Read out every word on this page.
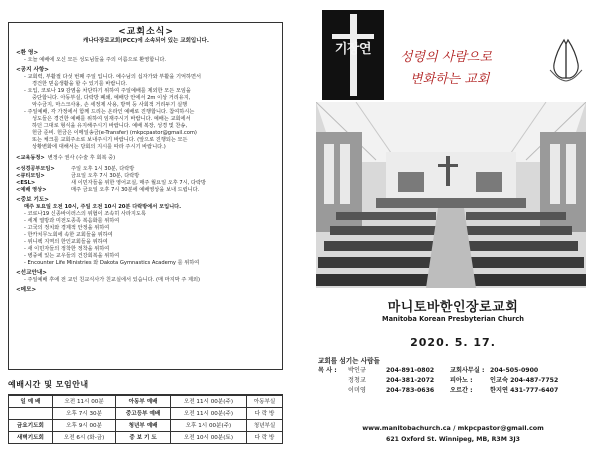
<교회소식>
캐나다장로교회(PCC)에 소속되어 있는 교회입니다.
<환 영>
- 오늘 예배에 오신 모든 성도님들을 주의 이름으로 환영합니다.
<공지 사항>
- 교회력, 부활절 다섯 번째 주일 입니다. 예수님의 십자가와 부활을 기억하면서
경건한 믿음생활을 할 수 있기를 바랍니다.
- 오입, 코로나 19 감염을 차단하기 위하여 주일예배를 제외한 모든 모임을
중단합니다. 아동부실, 다락방 폐쇄, 예배당 안에서 2m 이상 거리유지,
악수금지, 마스크사용, 손 세정제 사용, 방역 등 사회적 거리두기 실행
- 주일예배, 각 가정에서 함께 드리는 온라인 예배로 진행합니다. 참여하시는
성도들은 경건한 예배를 위하여 임재주시기 바랍니다. 예배는 교회에서
하던 그대로 형식을 유지해주시기 바랍니다. 예배 복장, 성경 및 찬송,
헌금 준비. 헌금은 이메일송금(e-Transfer) (mkpcpastor@gmail.com)
또는 체크를 교회주소로 보내주시기 바랍니다. (앞으로 진행되는 모든
상황변화에 대해서는 당회의 지시를 따라 주시기 바랍니다.)
<교육동정> 변정수 권사 (수술 후 회복 중)
<성경공부모임>	주일 오후 1시 30분, 다락방
<큐티모임>	금요일 오후 7시 30분, 다락방
<ESL>	새 이민자들을 위한 영어교실, 매주 월요일 오후 7시, 다락방
<예배 영상>	매주 금요일 오후 7시 30분에 예배영상을 보내 드립니다.
<중보 기도>
매주 토요일 오전 10시, 주일 오전 10시 20분 다락방에서 모입니다.
- 코로나19 신종바이러스의 위협이 조속히 사라지도록
- 세계 열방과 미전도종족 복음화를 위하여
- 고국의 정치와 경제적 안정을 위하여
- 한카치무노회에 속한 교회들을 위하여
- 위니펙 지역의 한인교회들을 위하여
- 새 이민자들의 정착한 정착을 위하여
- 병중에 있는 교우들의 건강회복을 위하여
- Encounter Life Ministries 와 Dakota Gymnastics Academy 를 위하여
<선교안내>
- 주일예배 후에 전 교인 친교식사가 친교실에서 있습니다. (매 마지막 주 제외)
<메모>
예배시간 및 모임안내
일 예 배	오전 11시 00분	아동부 예배	오전 11시 00분(주)	아동부실
	오후 7시 30분	중고등부 예배	오전 11시 00분(주)	다 락 방
금요기도회	오후 9시 00분	청년부 예배	오후 1시 00분(주)	청년부실
새벽기도회	오전 6시 (화-금)	중 보 기 도	오전 10시 00분(토)	다 락 방
기장연
성령의 사람으로
변화하는 교회
마니토바한인장로교회
Manitoba Korean Presbyterian Church
2020. 5. 17.
교회를 섬기는 사람들
목 사 :	박인규	204-891-0802	교회사무실 : 204-505-0900
정청교	204-381-2072	피아노 :	인교숙 204-487-7752
이미영	204-783-0636	오르간 :	한지연 431-777-6407
www.manitobachurch.ca / mkpcpastor@gmail.com
621 Oxford St. Winnipeg, MB, R3M 3J3
